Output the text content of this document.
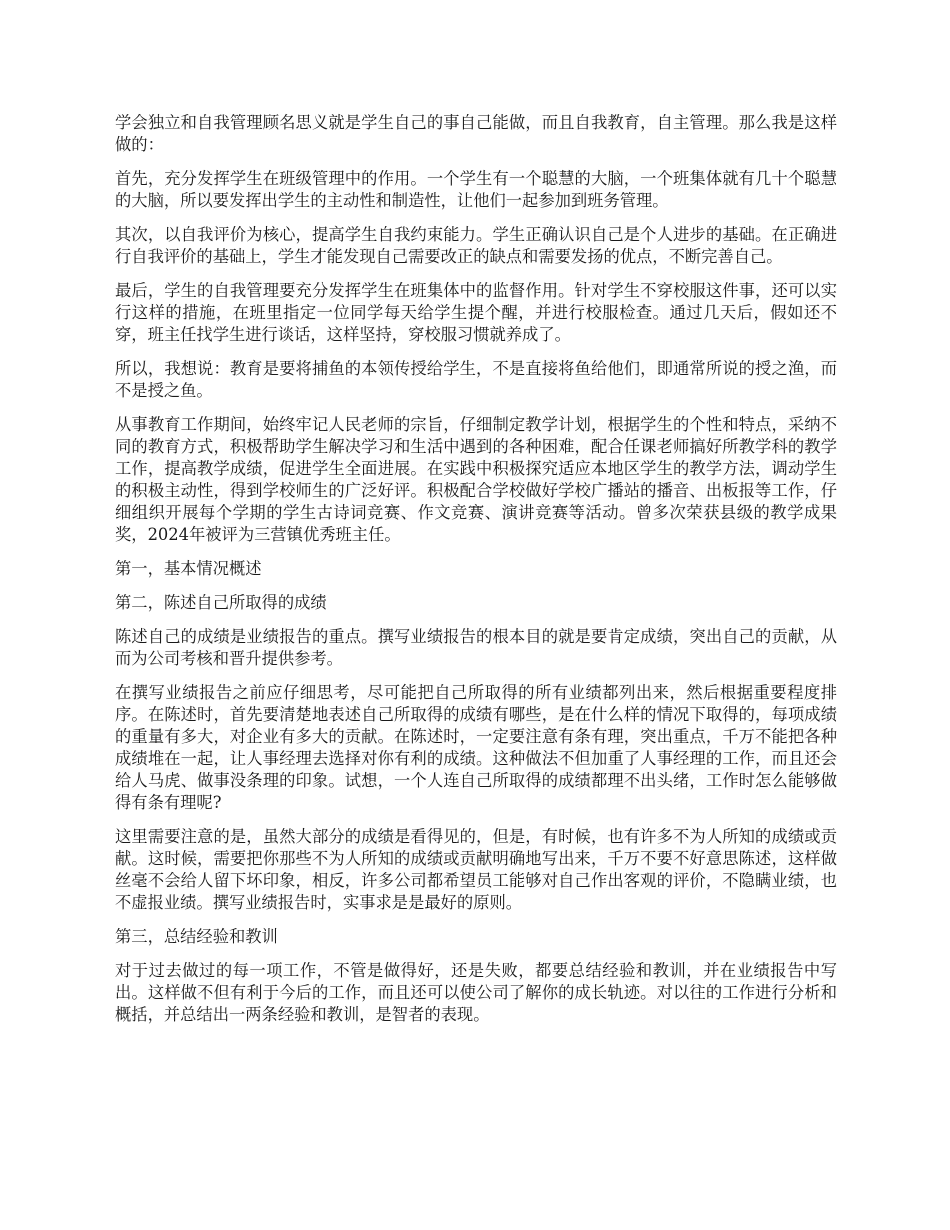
学会独立和自我管理顾名思义就是学生自己的事自己能做，而且自我教育，自主管理。那么我是这样做的：

首先，充分发挥学生在班级管理中的作用。一个学生有一个聪慧的大脑，一个班集体就有几十个聪慧的大脑，所以要发挥出学生的主动性和制造性，让他们一起参加到班务管理。

其次，以自我评价为核心，提高学生自我约束能力。学生正确认识自己是个人进步的基础。在正确进行自我评价的基础上，学生才能发现自己需要改正的缺点和需要发扬的优点，不断完善自己。

最后，学生的自我管理要充分发挥学生在班集体中的监督作用。针对学生不穿校服这件事，还可以实行这样的措施，在班里指定一位同学每天给学生提个醒，并进行校服检查。通过几天后，假如还不穿，班主任找学生进行谈话，这样坚持，穿校服习惯就养成了。

所以，我想说：教育是要将捕鱼的本领传授给学生，不是直接将鱼给他们，即通常所说的授之渔，而不是授之鱼。

从事教育工作期间，始终牢记人民老师的宗旨，仔细制定教学计划，根据学生的个性和特点，采纳不同的教育方式，积极帮助学生解决学习和生活中遇到的各种困难，配合任课老师搞好所教学科的教学工作，提高教学成绩，促进学生全面进展。在实践中积极探究适应本地区学生的教学方法，调动学生的积极主动性，得到学校师生的广泛好评。积极配合学校做好学校广播站的播音、出板报等工作，仔细组织开展每个学期的学生古诗词竞赛、作文竞赛、演讲竞赛等活动。曾多次荣获县级的教学成果奖，2024年被评为三营镇优秀班主任。

第一，基本情况概述

第二，陈述自己所取得的成绩

陈述自己的成绩是业绩报告的重点。撰写业绩报告的根本目的就是要肯定成绩，突出自己的贡献，从而为公司考核和晋升提供参考。

在撰写业绩报告之前应仔细思考，尽可能把自己所取得的所有业绩都列出来，然后根据重要程度排序。在陈述时，首先要清楚地表述自己所取得的成绩有哪些，是在什么样的情况下取得的，每项成绩的重量有多大，对企业有多大的贡献。在陈述时，一定要注意有条有理，突出重点，千万不能把各种成绩堆在一起，让人事经理去选择对你有利的成绩。这种做法不但加重了人事经理的工作，而且还会给人马虎、做事没条理的印象。试想，一个人连自己所取得的成绩都理不出头绪，工作时怎么能够做得有条有理呢?

这里需要注意的是，虽然大部分的成绩是看得见的，但是，有时候，也有许多不为人所知的成绩或贡献。这时候，需要把你那些不为人所知的成绩或贡献明确地写出来，千万不要不好意思陈述，这样做丝毫不会给人留下坏印象，相反，许多公司都希望员工能够对自己作出客观的评价，不隐瞒业绩，也不虚报业绩。撰写业绩报告时，实事求是是最好的原则。

第三，总结经验和教训

对于过去做过的每一项工作，不管是做得好，还是失败，都要总结经验和教训，并在业绩报告中写出。这样做不但有利于今后的工作，而且还可以使公司了解你的成长轨迹。对以往的工作进行分析和概括，并总结出一两条经验和教训，是智者的表现。
